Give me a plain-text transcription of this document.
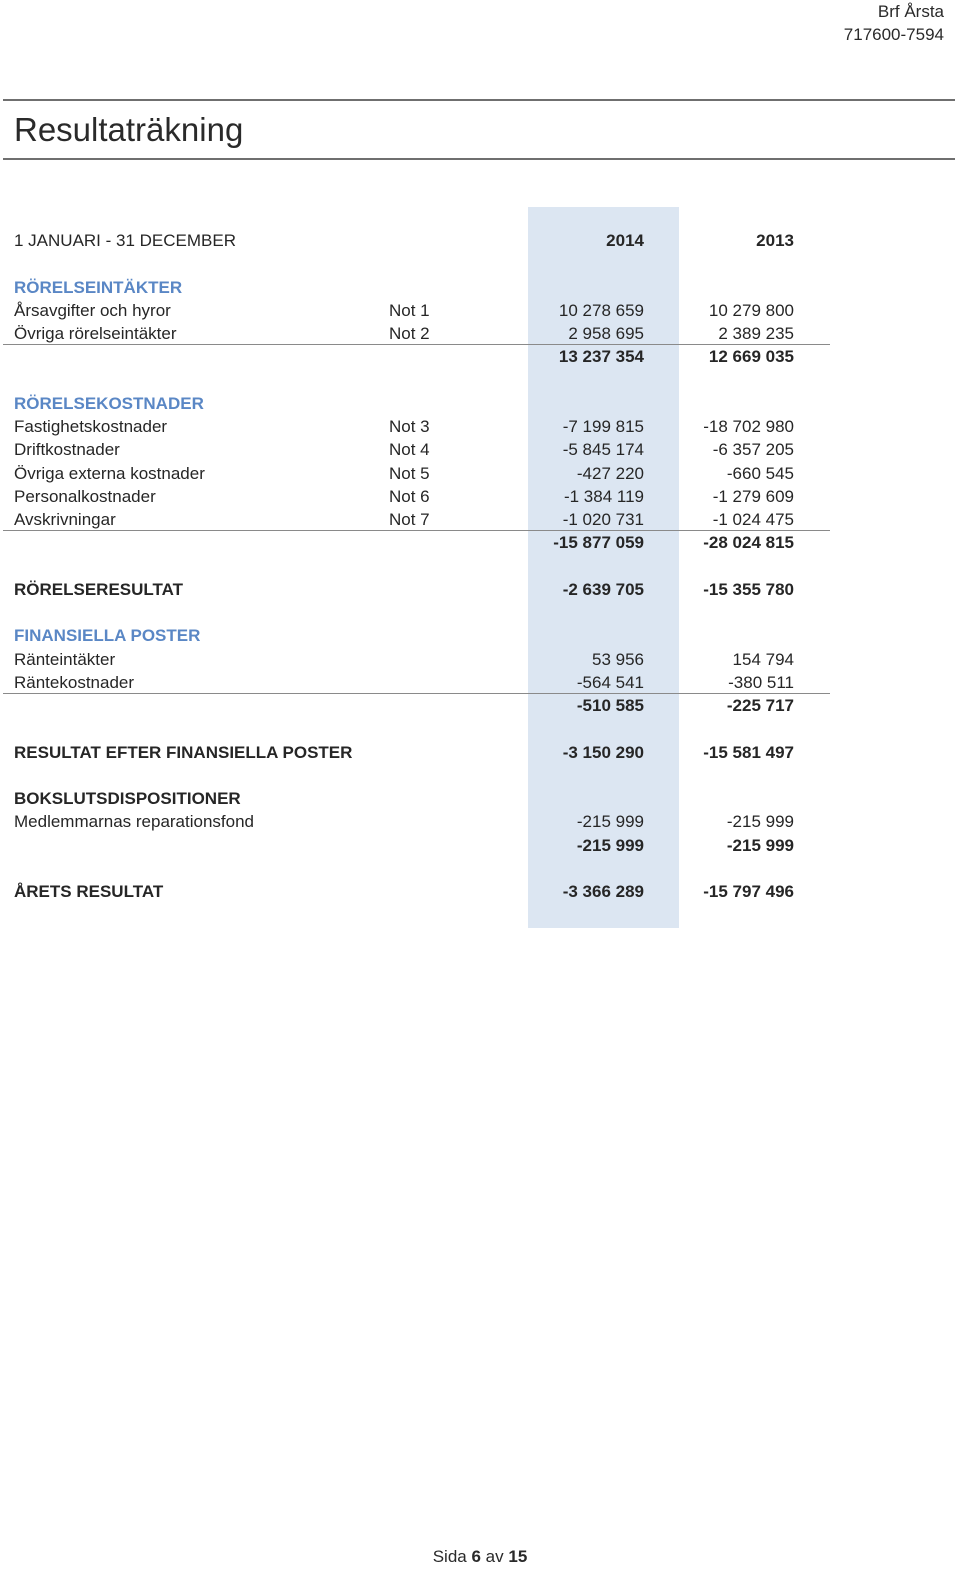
Brf Årsta
717600-7594
Resultaträkning
1 JANUARI - 31 DECEMBER	2014	2013
RÖRELSEINTÄKTER
Årsavgifter och hyror	Not 1	10 278 659	10 279 800
Övriga rörelseintäkter	Not 2	2 958 695	2 389 235
13 237 354	12 669 035
RÖRELSEKOSTNADER
Fastighetskostnader	Not 3	-7 199 815	-18 702 980
Driftkostnader	Not 4	-5 845 174	-6 357 205
Övriga externa kostnader	Not 5	-427 220	-660 545
Personalkostnader	Not 6	-1 384 119	-1 279 609
Avskrivningar	Not 7	-1 020 731	-1 024 475
-15 877 059	-28 024 815
RÖRELSERESULTAT	-2 639 705	-15 355 780
FINANSIELLA POSTER
Ränteintäkter	53 956	154 794
Räntekostnader	-564 541	-380 511
-510 585	-225 717
RESULTAT EFTER FINANSIELLA POSTER	-3 150 290	-15 581 497
BOKSLUTSDISPOSITIONER
Medlemmarnas reparationsfond	-215 999	-215 999
-215 999	-215 999
ÅRETS RESULTAT	-3 366 289	-15 797 496
Sida 6 av 15
